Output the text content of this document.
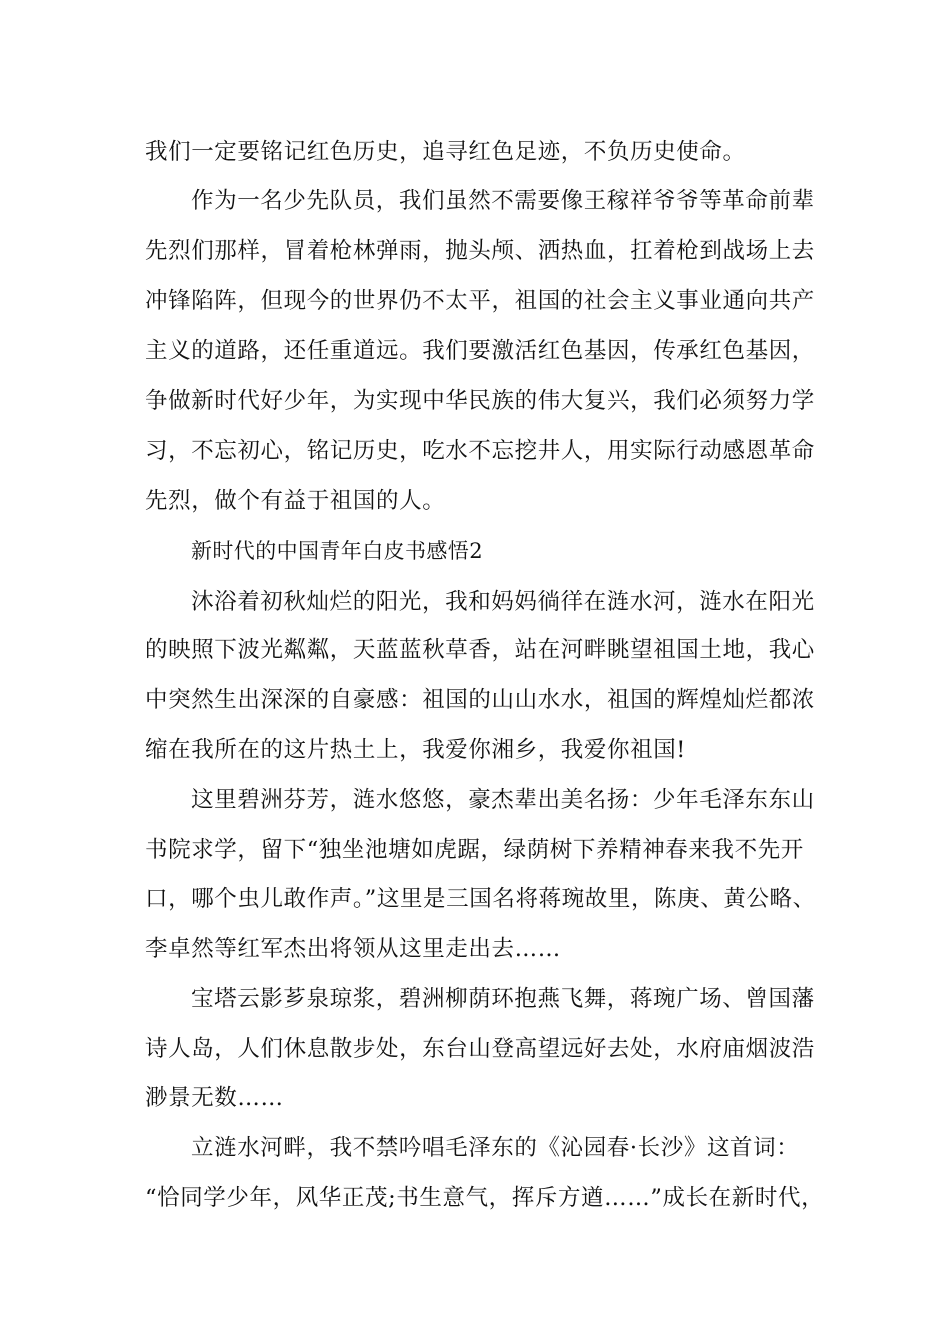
我们一定要铭记红色历史，追寻红色足迹，不负历史使命。
作为一名少先队员，我们虽然不需要像王稼祥爷爷等革命前辈
先烈们那样，冒着枪林弹雨，抛头颅、洒热血，扛着枪到战场上去
冲锋陷阵，但现今的世界仍不太平，祖国的社会主义事业通向共产
主义的道路，还任重道远。我们要激活红色基因，传承红色基因，
争做新时代好少年，为实现中华民族的伟大复兴，我们必须努力学
习，不忘初心，铭记历史，吃水不忘挖井人，用实际行动感恩革命
先烈，做个有益于祖国的人。
新时代的中国青年白皮书感悟2
沐浴着初秋灿烂的阳光，我和妈妈徜徉在涟水河，涟水在阳光
的映照下波光粼粼，天蓝蓝秋草香，站在河畔眺望祖国土地，我心
中突然生出深深的自豪感：祖国的山山水水，祖国的辉煌灿烂都浓
缩在我所在的这片热土上，我爱你湘乡，我爱你祖国!
这里碧洲芬芳，涟水悠悠，豪杰辈出美名扬：少年毛泽东东山
书院求学，留下“独坐池塘如虎踞，绿荫树下养精神春来我不先开
口，哪个虫儿敢作声。”这里是三国名将蒋琬故里，陈庚、黄公略、
李卓然等红军杰出将领从这里走出去……
宝塔云影芗泉琼浆，碧洲柳荫环抱燕飞舞，蒋琬广场、曾国藩
诗人岛，人们休息散步处，东台山登高望远好去处，水府庙烟波浩
渺景无数……
立涟水河畔，我不禁吟唱毛泽东的《沁园春·长沙》这首词：
“恰同学少年，风华正茂;书生意气，挥斥方遒……”成长在新时代，
